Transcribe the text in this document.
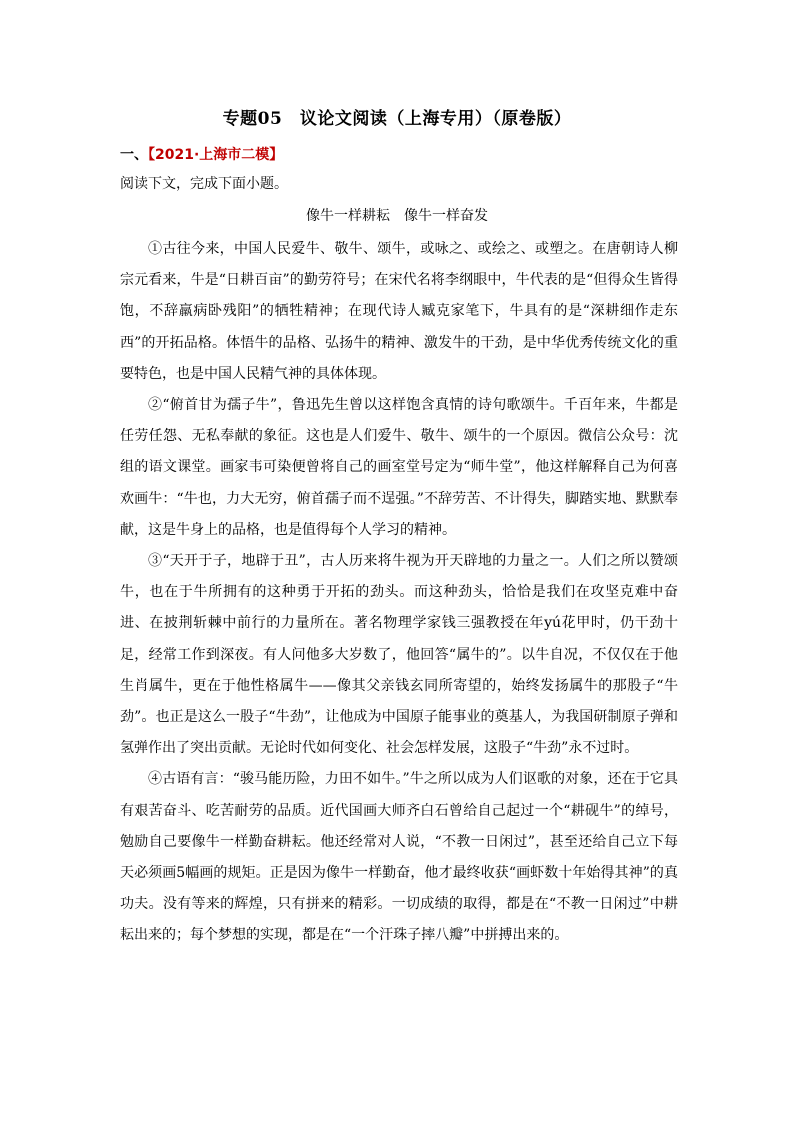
专题05　议论文阅读（上海专用）（原卷版）
一、【2021·上海市二模】
阅读下文，完成下面小题。
像牛一样耕耘　像牛一样奋发

①古往今来，中国人民爱牛、敬牛、颂牛，或咏之、或绘之、或塑之。在唐朝诗人柳宗元看来，牛是“日耕百亩”的勤劳符号；在宋代名将李纲眼中，牛代表的是“但得众生皆得饱，不辞羸病卧残阳”的牺牲精神；在现代诗人臧克家笔下，牛具有的是“深耕细作走东西”的开拓品格。体悟牛的品格、弘扬牛的精神、激发牛的干劲，是中华优秀传统文化的重要特色，也是中国人民精气神的具体体现。

②“俯首甘为孺子牛”，鲁迅先生曾以这样饱含真情的诗句歌颂牛。千百年来，牛都是任劳任怨、无私奉献的象征。这也是人们爱牛、敬牛、颂牛的一个原因。微信公众号：沈组的语文课堂。画家韦可染便曾将自己的画室堂号定为“师牛堂”，他这样解释自己为何喜欢画牛：“牛也，力大无穷，俯首孺子而不逞强。”不辞劳苦、不计得失，脚踏实地、默默奉献，这是牛身上的品格，也是值得每个人学习的精神。

③“天开于子，地辟于丑”，古人历来将牛视为开天辟地的力量之一。人们之所以赞颂牛，也在于牛所拥有的这种勇于开拓的劲头。而这种劲头，恰恰是我们在攻坚克难中奋进、在披荆斩棘中前行的力量所在。著名物理学家钱三强教授在年yú花甲时，仍干劲十足，经常工作到深夜。有人问他多大岁数了，他回答“属牛的”。以牛自况，不仅仅在于他生肖属牛，更在于他性格属牛——像其父亲钱玄同所寄望的，始终发扬属牛的那股子“牛劲”。也正是这么一股子“牛劲”，让他成为中国原子能事业的奠基人，为我国研制原子弹和氢弹作出了突出贡献。无论时代如何变化、社会怎样发展，这股子“牛劲”永不过时。

④古语有言：“骏马能历险，力田不如牛。”牛之所以成为人们讴歌的对象，还在于它具有艰苦奋斗、吃苦耐劳的品质。近代国画大师齐白石曾给自己起过一个“耕砚牛”的绰号，勉励自己要像牛一样勤奋耕耘。他还经常对人说，“不教一日闲过”，甚至还给自己立下每天必须画5幅画的规矩。正是因为像牛一样勤奋，他才最终收获“画虾数十年始得其神”的真功夫。没有等来的辉煌，只有拼来的精彩。一切成绩的取得，都是在“不教一日闲过”中耕耘出来的；每个梦想的实现，都是在“一个汗珠子摔八瓣”中拼搏出来的。
